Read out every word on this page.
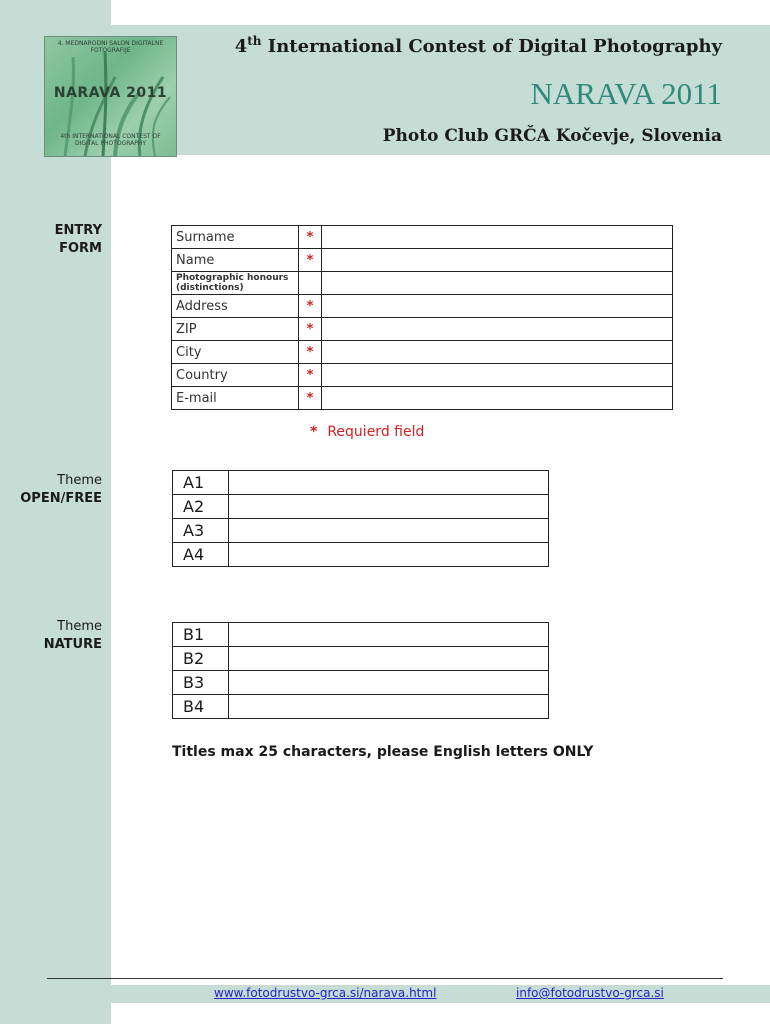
4. MEDNARODNI SALON DIGITALNE
FOTOGRAFIJE
NARAVA 2011
4th INTERNATIONAL CONTEST OF
DIGITAL PHOTOGRAPHY
4th International Contest of Digital Photography
NARAVA 2011
Photo Club GRČA Kočevje, Slovenia
ENTRY
FORM
Surname	*	
Name	*	
Photographic honours (distinctions)		
Address	*	
ZIP	*	
City	*	
Country	*	
E-mail	*	
* Requierd field
Theme
OPEN/FREE
A1	
A2	
A3	
A4	
Theme
NATURE
B1	
B2	
B3	
B4	
Titles max 25 characters, please English letters ONLY
www.fotodrustvo-grca.si/narava.html	info@fotodrustvo-grca.si
